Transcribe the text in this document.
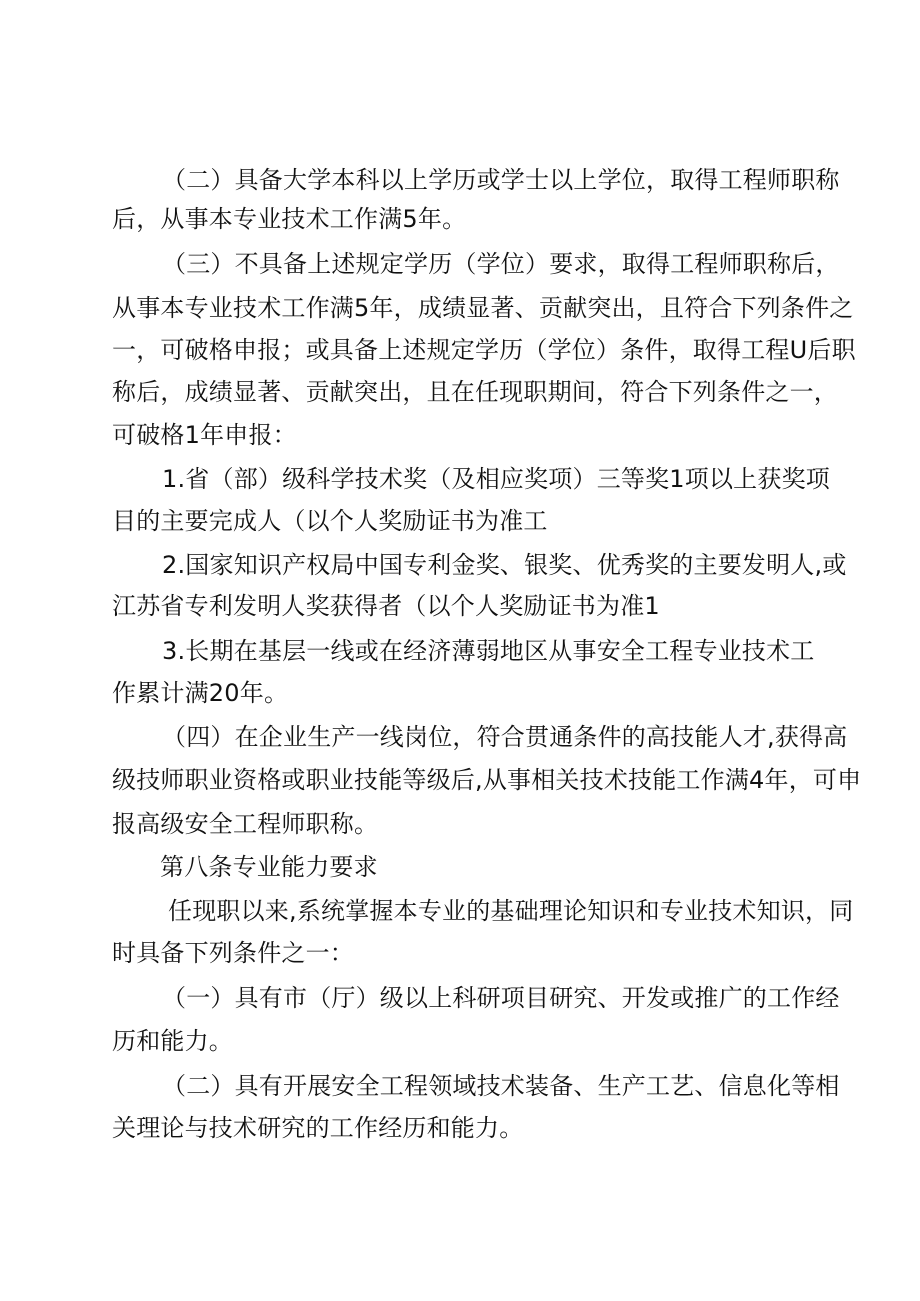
（二）具备大学本科以上学历或学士以上学位，取得工程师职称
后，从事本专业技术工作满5年。
（三）不具备上述规定学历（学位）要求，取得工程师职称后，
从事本专业技术工作满5年，成绩显著、贡献突出，且符合下列条件之
一，可破格申报；或具备上述规定学历（学位）条件，取得工程U后职
称后，成绩显著、贡献突出，且在任现职期间，符合下列条件之一，
可破格1年申报：
1.省（部）级科学技术奖（及相应奖项）三等奖1项以上获奖项
目的主要完成人（以个人奖励证书为准工
2.国家知识产权局中国专利金奖、银奖、优秀奖的主要发明人,或
江苏省专利发明人奖获得者（以个人奖励证书为准1
3.长期在基层一线或在经济薄弱地区从事安全工程专业技术工
作累计满20年。
（四）在企业生产一线岗位，符合贯通条件的高技能人才,获得高
级技师职业资格或职业技能等级后,从事相关技术技能工作满4年，可申
报高级安全工程师职称。
第八条专业能力要求
任现职以来,系统掌握本专业的基础理论知识和专业技术知识，同
时具备下列条件之一：
（一）具有市（厅）级以上科研项目研究、开发或推广的工作经
历和能力。
（二）具有开展安全工程领域技术装备、生产工艺、信息化等相
关理论与技术研究的工作经历和能力。
